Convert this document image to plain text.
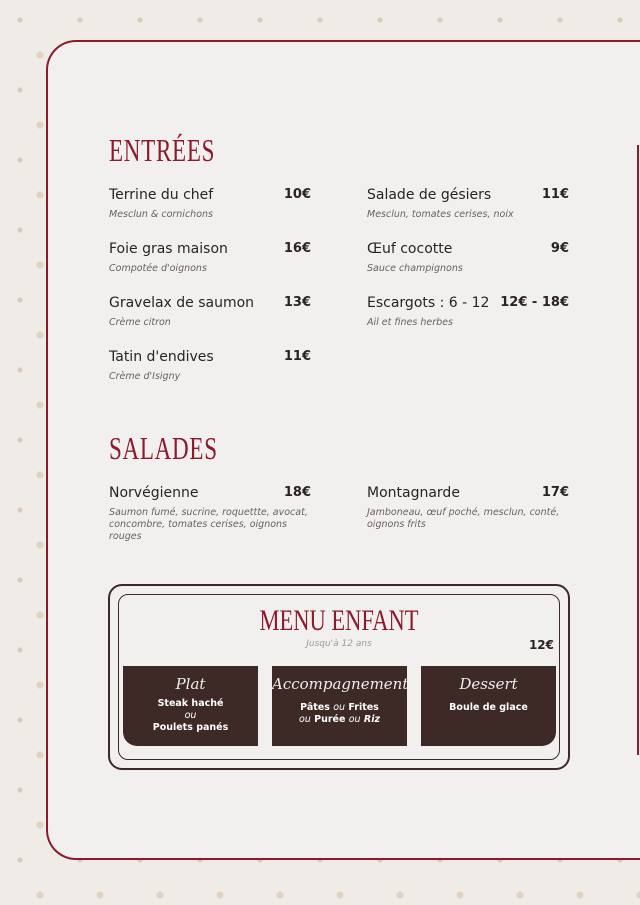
ENTRÉES
Terrine du chef	10€
Mesclun & cornichons
Foie gras maison	16€
Compotée d'oignons
Gravelax de saumon 13€
Crème citron
Tatin d'endives	11€
Crème d'Isigny
Salade de gésiers	11€
Mesclun, tomates cerises, noix
Œuf cocotte	9€
Sauce champignons
Escargots : 6 - 12 12€ - 18€
Ail et fines herbes
SALADES
Norvégienne	18€
Saumon fumé, sucrine, roquettte, avocat, concombre, tomates cerises, oignons rouges
Montagnarde	17€
Jamboneau, œuf poché, mesclun, conté, oignons frits
MENU ENFANT
Jusqu'à 12 ans	12€
Plat
Steak haché
ou
Poulets panés
Accompagnement
Pâtes ou Frites
ou Purée ou Riz
Dessert
Boule de glace
